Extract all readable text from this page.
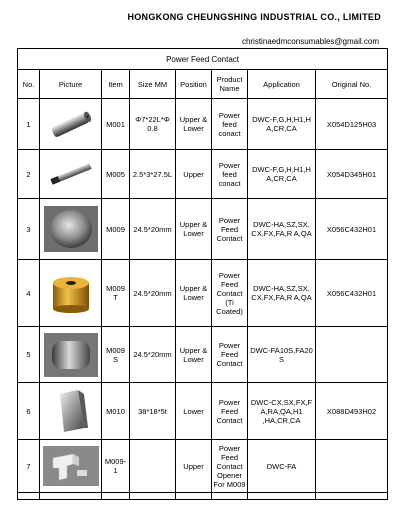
HONGKONG CHEUNGSHING INDUSTRIAL CO., LIMITED
christinaedmconsumables@gmail.com
Power Feed Contact							
No.	Picture	Item	Size MM	Position	Product Name	Application	Original No.
1		M001	Φ7*22L*Φ 0.8	Upper & Lower	Power feed conact	DWC-F,G,H,H1,H A,CR,CA	X054D125H03
2		M005	2.5*3*27.5L	Upper	Power feed conact	DWC-F,G,H,H1,H A,CR,CA	X054D345H01
3		M009	24.5*20mm	Upper & Lower	Power Feed Contact	DWC-HA,SZ,SX, CX,FX,FA,R A,QA	X056C432H01
4		M009 T	24.5*20mm	Upper & Lower	Power Feed Contact (Ti Coated)	DWC-HA,SZ,SX, CX,FX,FA,R A,QA	X056C432H01
5		M009 S	24.5*20mm	Upper & Lower	Power Feed Contact	DWC-FA10S,FA20 S	
6		M010	38*18*5t	Lower	Power Feed Contact	DWC-CX,SX,FX,F A,RA,QA,H1 ,HA,CR,CA	X088D493H02
7		M009-1		Upper	Power Feed Contact Opener For M009	DWC-FA	
